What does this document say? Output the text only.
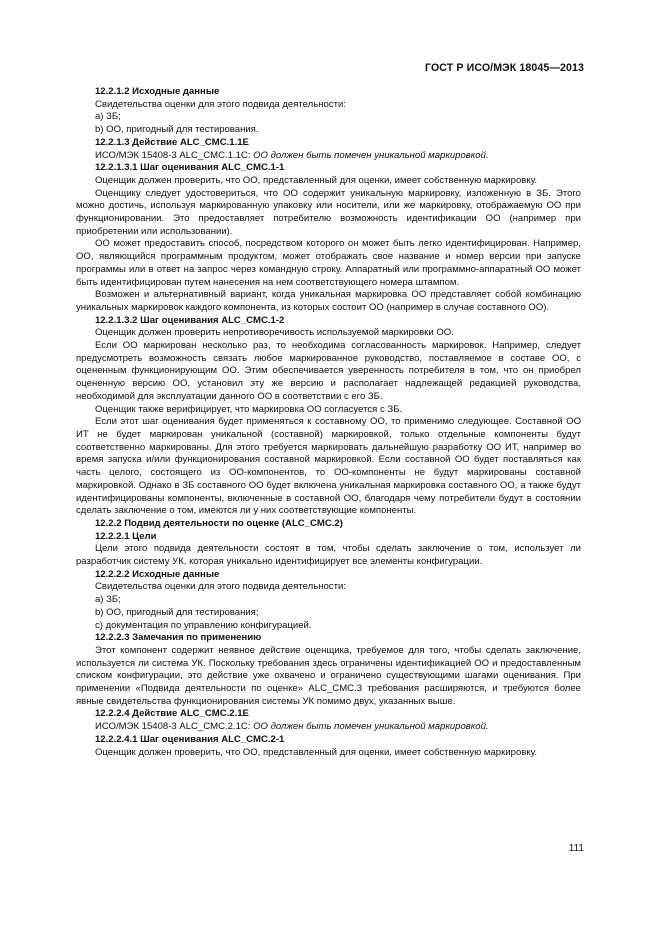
ГОСТ Р ИСО/МЭК 18045—2013

12.2.1.2 Исходные данные

Свидетельства оценки для этого подвида деятельности:

a) ЗБ;

b) ОО, пригодный для тестирования.

12.2.1.3 Действие ALC_CMC.1.1E

ИСО/МЭК 15408-3 ALC_CMC.1.1C: ОО должен быть помечен уникальной маркировкой.

12.2.1.3.1 Шаг оценивания ALC_CMC.1-1

Оценщик должен проверить, что ОО, представленный для оценки, имеет собственную маркировку.

Оценщику следует удостовериться, что ОО содержит уникальную маркировку, изложенную в ЗБ. Этого можно достичь, используя маркированную упаковку или носители, или же маркировку, отображаемую ОО при функционировании. Это предоставляет потребителю возможность идентификации ОО (например при приобретении или использовании).

ОО может предоставить способ, посредством которого он может быть легко идентифицирован. Например, ОО, являющийся программным продуктом, может отображать свое название и номер версии при запуске программы или в ответ на запрос через командную строку. Аппаратный или программно-аппаратный ОО может быть идентифицирован путем нанесения на нем соответствующего номера штампом.

Возможен и альтернативный вариант, когда уникальная маркировка ОО представляет собой комбинацию уникальных маркировок каждого компонента, из которых состоит ОО (например в случае составного ОО).

12.2.1.3.2 Шаг оценивания ALC_CMC.1-2

Оценщик должен проверить непротиворечивость используемой маркировки ОО.

Если ОО маркирован несколько раз, то необходима согласованность маркировок. Например, следует предусмотреть возможность связать любое маркированное руководство, поставляемое в составе ОО, с оцененным функционирующим ОО. Этим обеспечивается уверенность потребителя в том, что он приобрел оцененную версию ОО, установил эту же версию и располагает надлежащей редакцией руководства, необходимой для эксплуатации данного ОО в соответствии с его ЗБ.

Оценщик также верифицирует, что маркировка ОО согласуется с ЗБ.

Если этот шаг оценивания будет применяться к составному ОО, то применимо следующее. Составной ОО ИТ не будет маркирован уникальной (составной) маркировкой, только отдельные компоненты будут соответственно маркированы. Для этого требуется маркировать дальнейшую разработку ОО ИТ, например во время запуска и/или функционирования составной маркировкой. Если составной ОО будет поставляться как часть целого, состоящего из ОО-компонентов, то ОО-компоненты не будут маркированы составной маркировкой. Однако в ЗБ составного ОО будет включена уникальная маркировка составного ОО, а также будут идентифицированы компоненты, включенные в составной ОО, благодаря чему потребители будут в состоянии сделать заключение о том, имеются ли у них соответствующие компоненты.

12.2.2 Подвид деятельности по оценке (ALC_CMC.2)

12.2.2.1 Цели

Цели этого подвида деятельности состоят в том, чтобы сделать заключение о том, использует ли разработчик систему УК, которая уникально идентифицирует все элементы конфигурации.

12.2.2.2 Исходные данные

Свидетельства оценки для этого подвида деятельности:

a) ЗБ;

b) ОО, пригодный для тестирования;

c) документация по управлению конфигурацией.

12.2.2.3 Замечания по применению

Этот компонент содержит неявное действие оценщика, требуемое для того, чтобы сделать заключение, используется ли система УК. Поскольку требования здесь ограничены идентификацией ОО и предоставленным списком конфигурации, это действие уже охвачено и ограничено существующими шагами оценивания. При применении «Подвида деятельности по оценке» ALC_CMC.3 требования расширяются, и требуются более явные свидетельства функционирования системы УК помимо двух, указанных выше.

12.2.2.4 Действие ALC_CMC.2.1E

ИСО/МЭК 15408-3 ALC_CMC.2.1C: ОО должен быть помечен уникальной маркировкой.

12.2.2.4.1 Шаг оценивания ALC_CMC.2-1

Оценщик должен проверить, что ОО, представленный для оценки, имеет собственную маркировку.

111
